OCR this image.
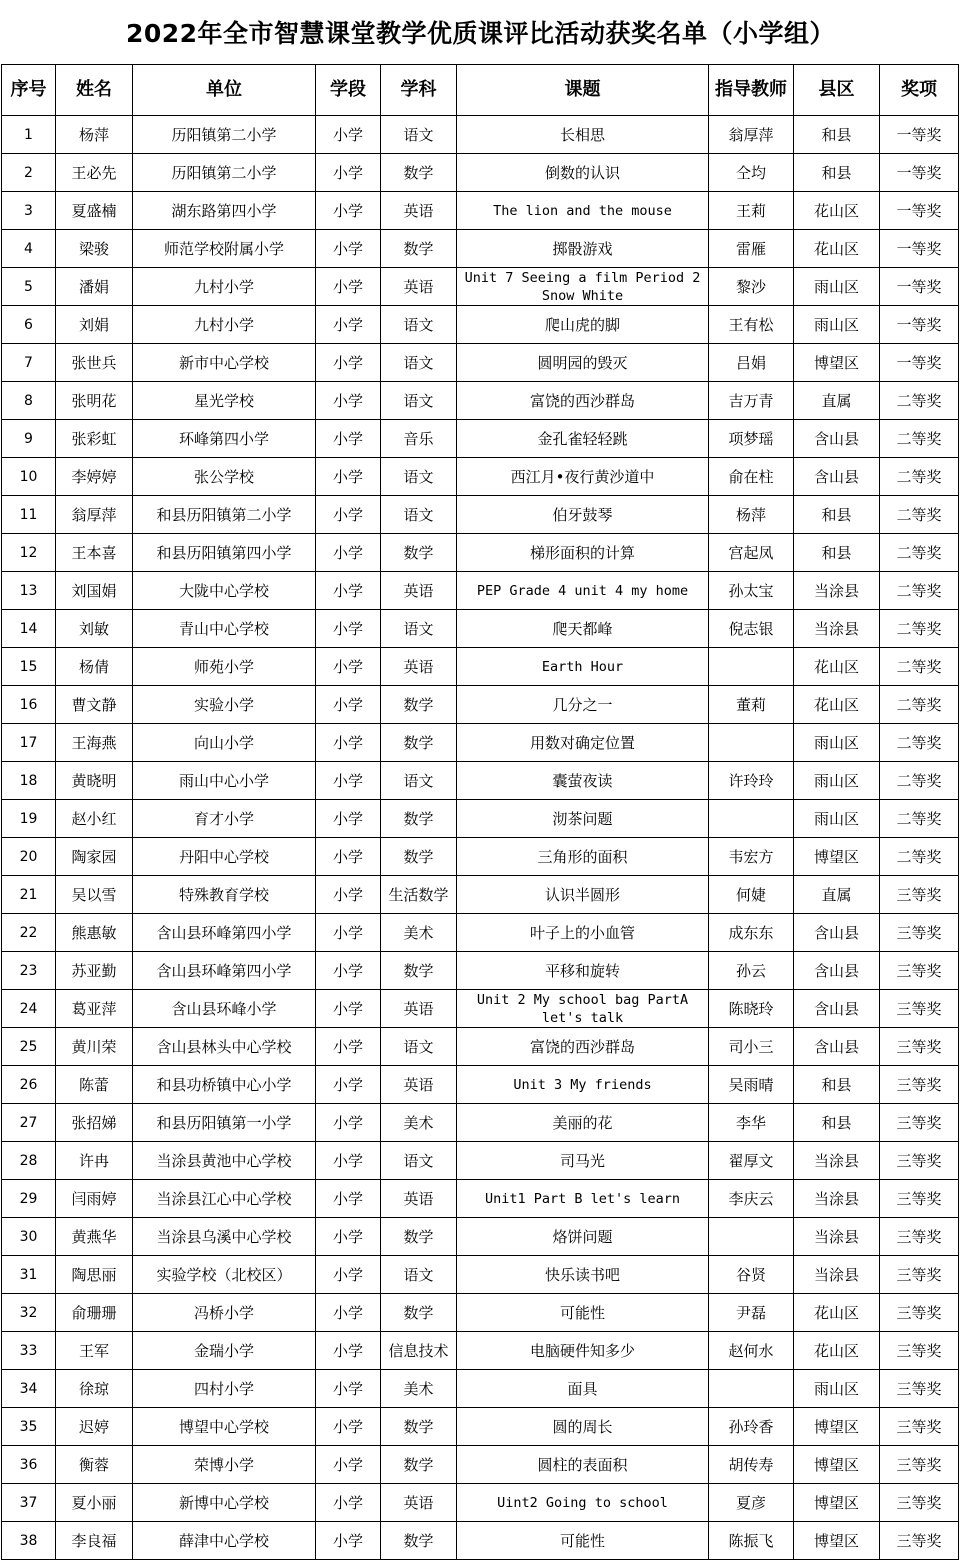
2022年全市智慧课堂教学优质课评比活动获奖名单（小学组）
序号	姓名	单位	学段	学科	课题	指导教师	县区	奖项
1	杨萍	历阳镇第二小学	小学	语文	长相思	翁厚萍	和县	一等奖
2	王必先	历阳镇第二小学	小学	数学	倒数的认识	仝均	和县	一等奖
3	夏盛楠	湖东路第四小学	小学	英语	The lion and the mouse	王莉	花山区	一等奖
4	梁骏	师范学校附属小学	小学	数学	掷骰游戏	雷雁	花山区	一等奖
5	潘娟	九村小学	小学	英语	Unit 7 Seeing a film Period 2 Snow White	黎沙	雨山区	一等奖
6	刘娟	九村小学	小学	语文	爬山虎的脚	王有松	雨山区	一等奖
7	张世兵	新市中心学校	小学	语文	圆明园的毁灭	吕娟	博望区	一等奖
8	张明花	星光学校	小学	语文	富饶的西沙群岛	吉万青	直属	二等奖
9	张彩虹	环峰第四小学	小学	音乐	金孔雀轻轻跳	项梦瑶	含山县	二等奖
10	李婷婷	张公学校	小学	语文	西江月•夜行黄沙道中	俞在柱	含山县	二等奖
11	翁厚萍	和县历阳镇第二小学	小学	语文	伯牙鼓琴	杨萍	和县	二等奖
12	王本喜	和县历阳镇第四小学	小学	数学	梯形面积的计算	宫起凤	和县	二等奖
13	刘国娟	大陇中心学校	小学	英语	PEP Grade 4 unit 4 my home	孙太宝	当涂县	二等奖
14	刘敏	青山中心学校	小学	语文	爬天都峰	倪志银	当涂县	二等奖
15	杨倩	师苑小学	小学	英语	Earth Hour		花山区	二等奖
16	曹文静	实验小学	小学	数学	几分之一	董莉	花山区	二等奖
17	王海燕	向山小学	小学	数学	用数对确定位置		雨山区	二等奖
18	黄晓明	雨山中心小学	小学	语文	囊萤夜读	许玲玲	雨山区	二等奖
19	赵小红	育才小学	小学	数学	沏茶问题		雨山区	二等奖
20	陶家园	丹阳中心学校	小学	数学	三角形的面积	韦宏方	博望区	二等奖
21	吴以雪	特殊教育学校	小学	生活数学	认识半圆形	何婕	直属	三等奖
22	熊惠敏	含山县环峰第四小学	小学	美术	叶子上的小血管	成东东	含山县	三等奖
23	苏亚勤	含山县环峰第四小学	小学	数学	平移和旋转	孙云	含山县	三等奖
24	葛亚萍	含山县环峰小学	小学	英语	Unit 2 My school bag PartA let's talk	陈晓玲	含山县	三等奖
25	黄川荣	含山县林头中心学校	小学	语文	富饶的西沙群岛	司小三	含山县	三等奖
26	陈蕾	和县功桥镇中心小学	小学	英语	Unit 3 My friends	吴雨晴	和县	三等奖
27	张招娣	和县历阳镇第一小学	小学	美术	美丽的花	李华	和县	三等奖
28	许冉	当涂县黄池中心学校	小学	语文	司马光	翟厚文	当涂县	三等奖
29	闫雨婷	当涂县江心中心学校	小学	英语	Unit1 Part B let's learn	李庆云	当涂县	三等奖
30	黄燕华	当涂县乌溪中心学校	小学	数学	烙饼问题		当涂县	三等奖
31	陶思丽	实验学校（北校区）	小学	语文	快乐读书吧	谷贤	当涂县	三等奖
32	俞珊珊	冯桥小学	小学	数学	可能性	尹磊	花山区	三等奖
33	王军	金瑞小学	小学	信息技术	电脑硬件知多少	赵何水	花山区	三等奖
34	徐琼	四村小学	小学	美术	面具		雨山区	三等奖
35	迟婷	博望中心学校	小学	数学	圆的周长	孙玲香	博望区	三等奖
36	衡蓉	荣博小学	小学	数学	圆柱的表面积	胡传寿	博望区	三等奖
37	夏小丽	新博中心学校	小学	英语	Uint2 Going to school	夏彦	博望区	三等奖
38	李良福	薛津中心学校	小学	数学	可能性	陈振飞	博望区	三等奖
